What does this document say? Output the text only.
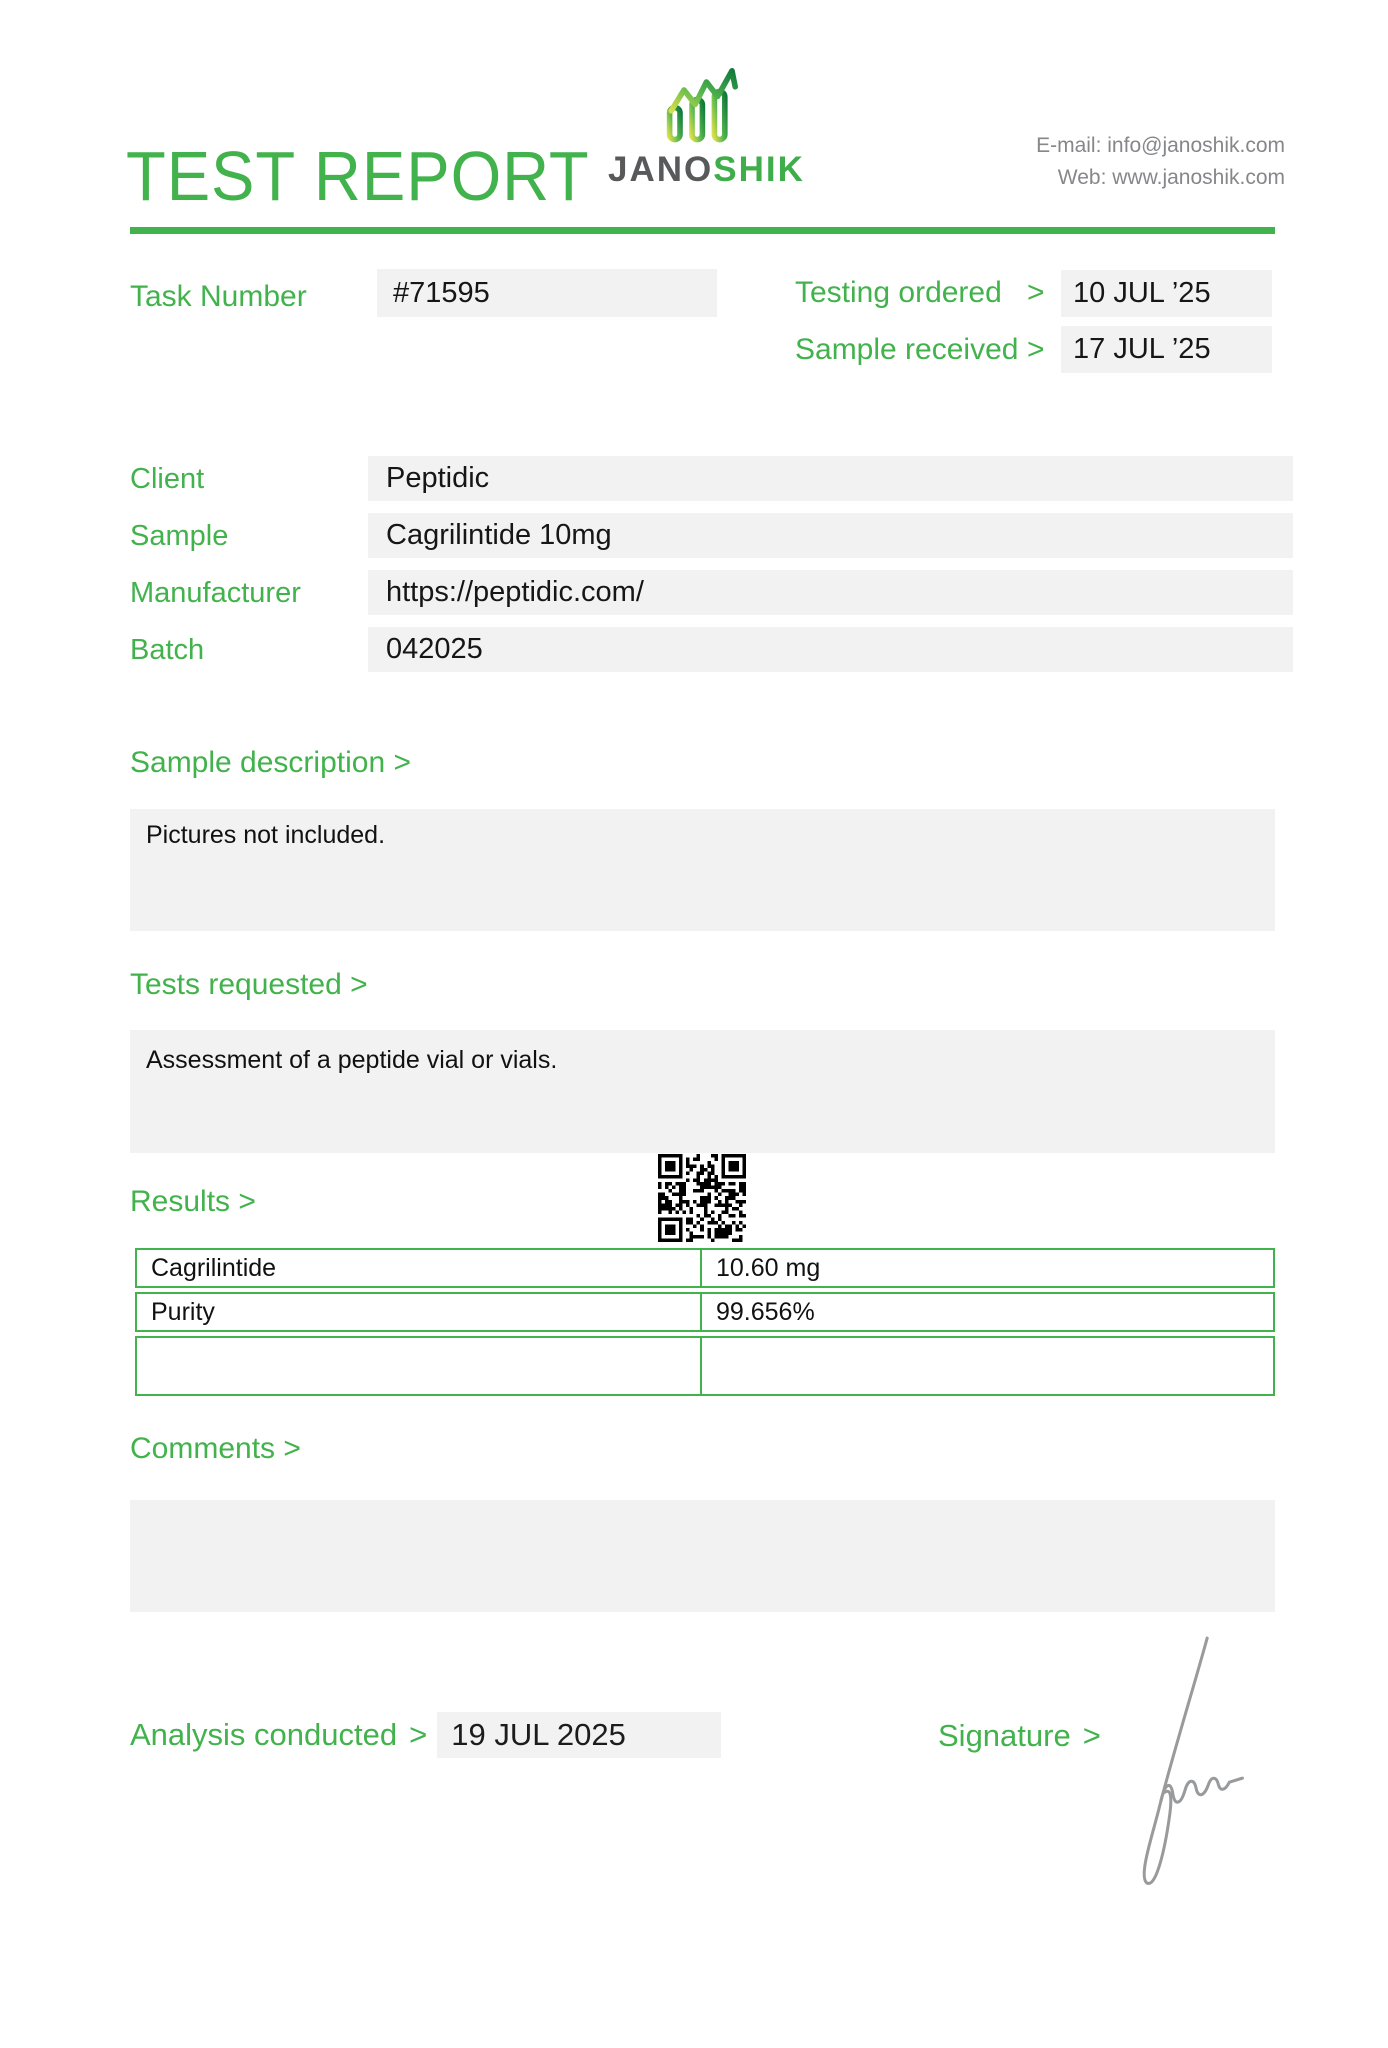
TEST REPORT JANOSHIK
E-mail: info@janoshik.com
Web: www.janoshik.com
Task Number	#71595	Testing ordered > 10 JUL ’25
Sample received > 17 JUL ’25
Client	Peptidic
Sample	Cagrilintide 10mg
Manufacturer	https://peptidic.com/
Batch	042025
Sample description >
Pictures not included.
Tests requested >
Assessment of a peptide vial or vials.
Results >
Cagrilintide	10.60 mg
Purity	99.656%
Comments >
Analysis conducted > 19 JUL 2025	Signature >
